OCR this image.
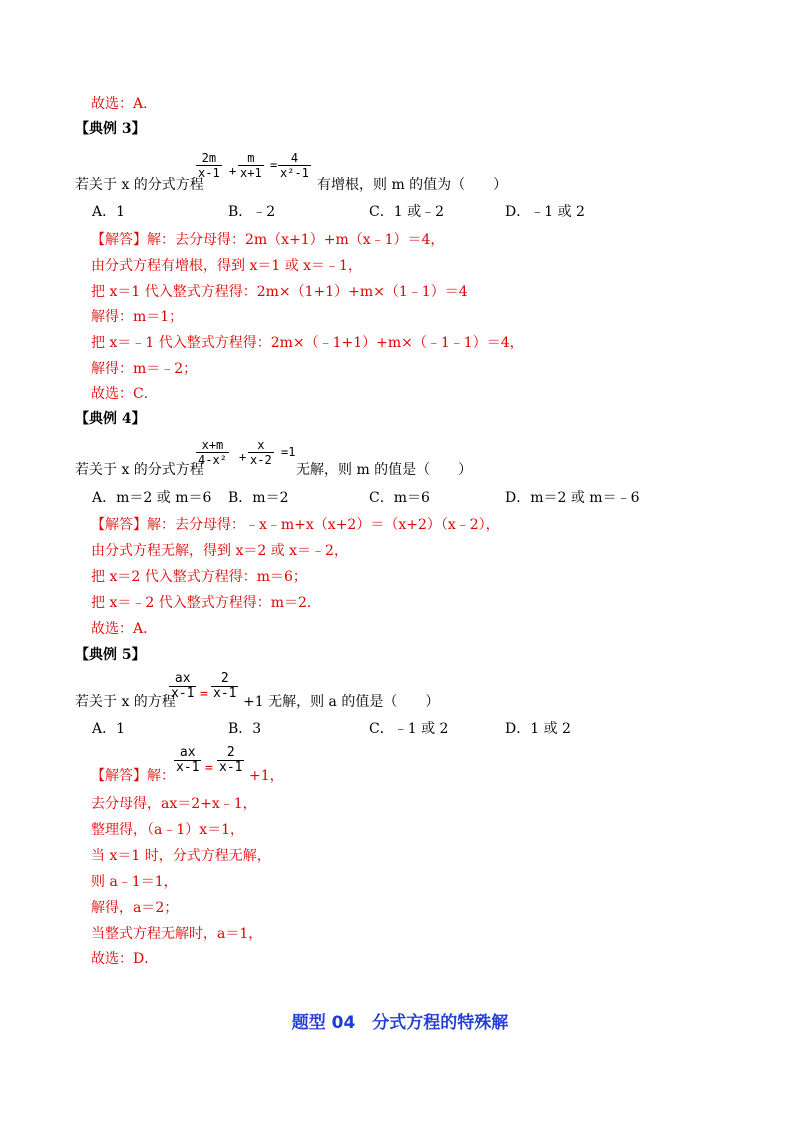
故选：A．
【典例 3】
若关于 x 的分式方程
$\frac{2m}{x-1} + \frac{m}{x+1} = \frac{4}{\text{x²-1}}$
有增根，则 m 的值为（　　）
A．1	B．﹣2	C．1 或﹣2	D．﹣1 或 2
【解答】解：去分母得：2m（x+1）+m（x﹣1）＝4，
由分式方程有增根，得到 x＝1 或 x＝﹣1，
把 x＝1 代入整式方程得：2m×（1+1）+m×（1﹣1）＝4
解得：m＝1；
把 x＝﹣1 代入整式方程得：2m×（﹣1+1）+m×（﹣1﹣1）＝4，
解得：m＝﹣2；
故选：C．
【典例 4】
若关于 x 的分式方程
$\frac{x+m}{\text{4-x²}} + \frac{x}{x-2} =1$
无解，则 m 的值是（　　）
A．m＝2 或 m＝6 B．m＝2	C．m＝6	D．m＝2 或 m＝﹣6
【解答】解：去分母得：﹣x﹣m+x（x+2）＝（x+2）（x﹣2），
由分式方程无解，得到 x＝2 或 x＝﹣2，
把 x＝2 代入整式方程得：m＝6；
把 x＝﹣2 代入整式方程得：m＝2．
故选：A．
【典例 5】
若关于 x 的方程
$\frac{ax}{x-1} = \frac{2}{x-1}$
+1 无解，则 a 的值是（　　）
A．1	B．3	C．﹣1 或 2	D．1 或 2
【解答】解：
$\frac{ax}{x-1} = \frac{2}{x-1}$
+1，
去分母得，ax＝2+x﹣1，
整理得，（a﹣1）x＝1，
当 x＝1 时，分式方程无解，
则 a﹣1＝1，
解得，a＝2；
当整式方程无解时，a＝1，
故选：D．
题型 04　分式方程的特殊解
